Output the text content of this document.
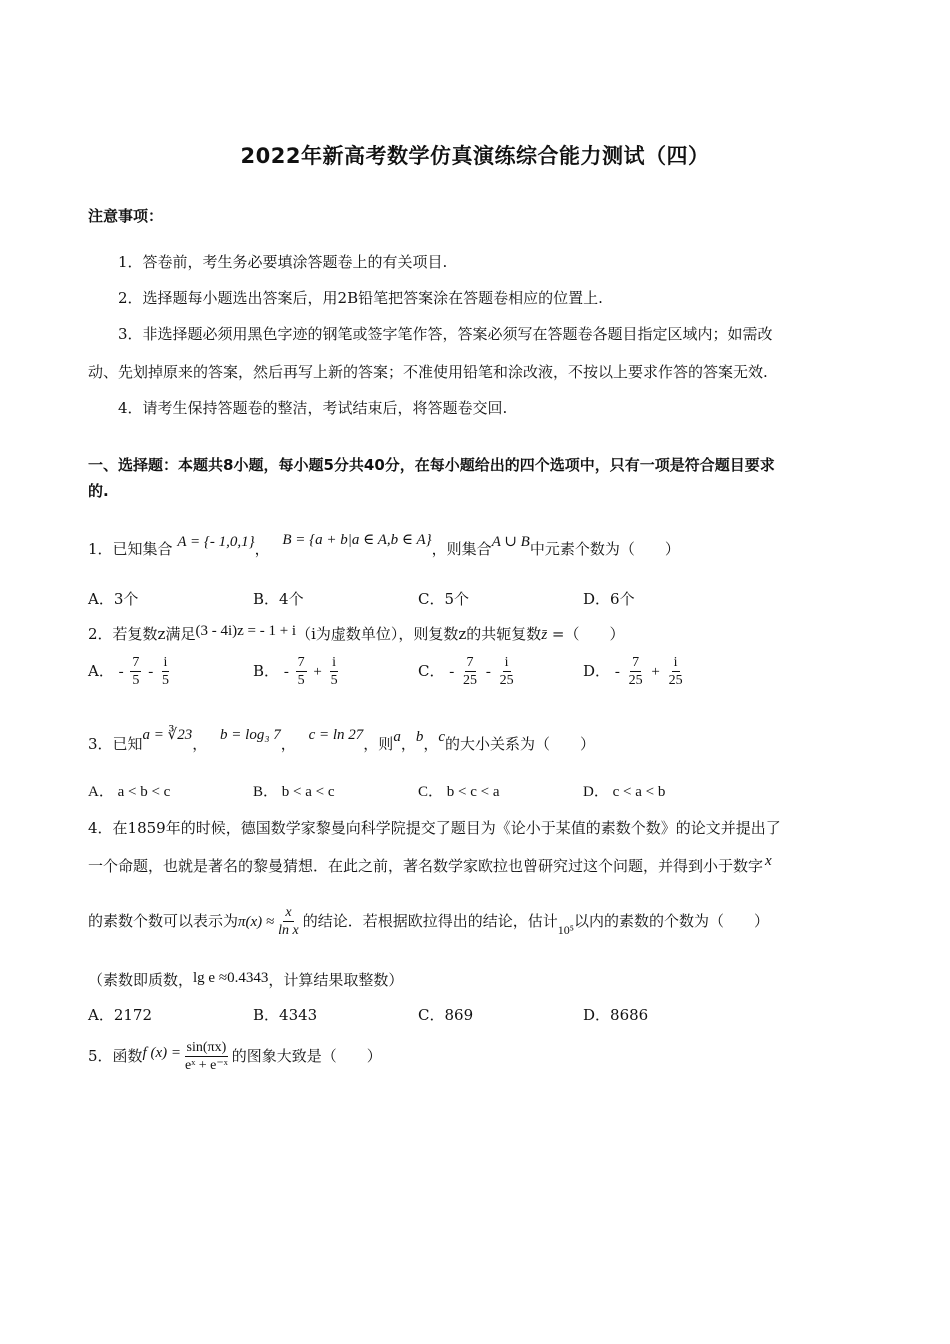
2022年新高考数学仿真演练综合能力测试（四）
注意事项：
1．答卷前，考生务必要填涂答题卷上的有关项目.
2．选择题每小题选出答案后，用2B铅笔把答案涂在答题卷相应的位置上.
3．非选择题必须用黑色字迹的钢笔或签字笔作答，答案必须写在答题卷各题目指定区域内；如需改
动、先划掉原来的答案，然后再写上新的答案；不准使用铅笔和涂改液，不按以上要求作答的答案无效.
4．请考生保持答题卷的整洁，考试结束后，将答题卷交回.
一、选择题：本题共8小题，每小题5分共40分，在每小题给出的四个选项中，只有一项是符合题目要求
的.
1．已知集合 A = {- 1,0,1}， B = {a + b|a ∈ A,b ∈ A}，则集合A ∪ B中元素个数为（　　）
A．3个	B．4个	C．5个	D．6个
2．若复数z满足(3 - 4i)z = - 1 + i（i为虚数单位），则复数z的共轭复数z̄ =（　　）
A． - $\frac{7}{5} - \frac{i}{5}$	B． - $\frac{7}{5} + \frac{i}{5}$	C． - $\frac{7}{25} - \frac{i}{25}$	D． - $\frac{7}{25} + \frac{i}{25}$
3．已知a = ∛23， b = log₃ 7， c = ln 27，则a，b，c的大小关系为（　　）
A． a < b < c	B． b < a < c	C． b < c < a	D． c < a < b
4．在1859年的时候，德国数学家黎曼向科学院提交了题目为《论小于某值的素数个数》的论文并提出了
一个命题，也就是著名的黎曼猜想．在此之前，著名数学家欧拉也曾研究过这个问题，并得到小于数字 x
的素数个数可以表示为$\pi(x) \approx \frac{x}{\text{ln x}}$ 的结论．若根据欧拉得出的结论，估计$_{10^5}$以内的素数的个数为（　　）
（素数即质数，lg e ≈0.4343，计算结果取整数）
A．2172	B．4343	C．869	D．8686
5．函数f $(x) = \frac{\sin(\pi x)}{\text{eˣ + e⁻ˣ}}$ 的图象大致是（　　）
